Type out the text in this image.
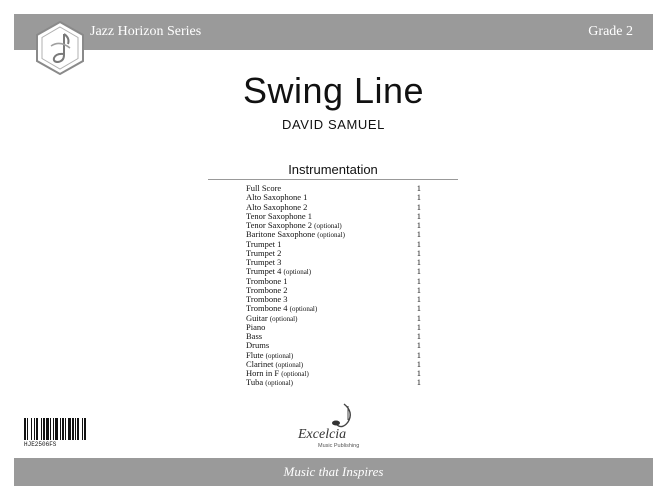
Jazz Horizon Series	Grade 2
Swing Line
DAVID SAMUEL
Instrumentation
Full Score	1
Alto Saxophone 1	1
Alto Saxophone 2	1
Tenor Saxophone 1	1
Tenor Saxophone 2 (optional)	1
Baritone Saxophone (optional)	1
Trumpet 1	1
Trumpet 2	1
Trumpet 3	1
Trumpet 4 (optional)	1
Trombone 1	1
Trombone 2	1
Trombone 3	1
Trombone 4 (optional)	1
Guitar (optional)	1
Piano	1
Bass	1
Drums	1
Flute (optional)	1
Clarinet (optional)	1
Horn in F (optional)	1
Tuba (optional)	1
HJE2506FS
Excelcia
Music Publishing
Music that Inspires
